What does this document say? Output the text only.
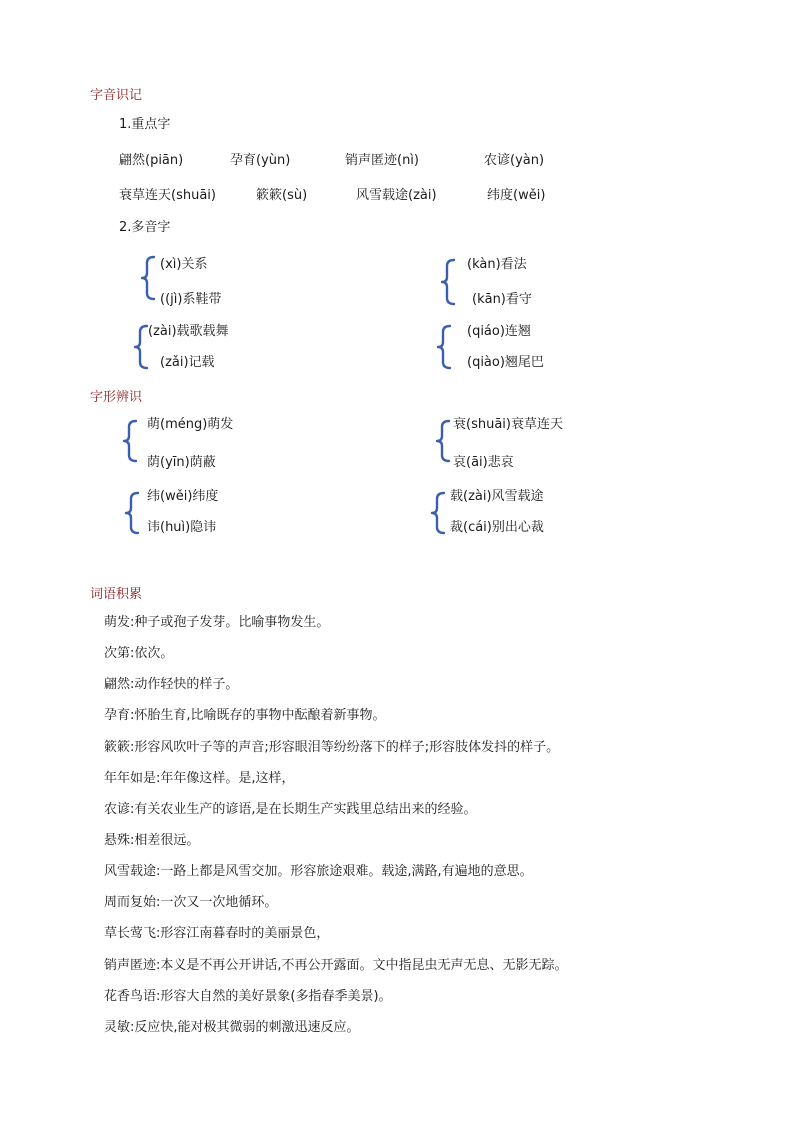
字音识记
1.重点字
翩然(piān)	孕育(yùn)	销声匿迹(nì)	农谚(yàn)
衰草连天(shuāi)	簌簌(sù)	风雪载途(zài)	纬度(wěi)
2.多音字
(xì)关系
((jì)系鞋带
(kàn)看法
(kān)看守
(zài)载歌载舞
(zǎi)记载
(qiáo)连翘
(qiào)翘尾巴
字形辨识
萌(méng)萌发
荫(yīn)荫蔽
衰(shuāi)衰草连天
哀(āi)悲哀
纬(wěi)纬度
讳(huì)隐讳
载(zài)风雪载途
裁(cái)别出心裁
词语积累
萌发:种子或孢子发芽。比喻事物发生。
次第:依次。
翩然:动作轻快的样子。
孕育:怀胎生育,比喻既存的事物中酝酿着新事物。
簌簌:形容风吹叶子等的声音;形容眼泪等纷纷落下的样子;形容肢体发抖的样子。
年年如是:年年像这样。是,这样，
农谚:有关农业生产的谚语,是在长期生产实践里总结出来的经验。
悬殊:相差很远。
风雪载途:一路上都是风雪交加。形容旅途艰难。载途,满路,有遍地的意思。
周而复始:一次又一次地循环。
草长莺飞:形容江南暮春时的美丽景色，
销声匿迹:本义是不再公开讲话,不再公开露面。文中指昆虫无声无息、无影无踪。
花香鸟语:形容大自然的美好景象(多指春季美景)。
灵敏:反应快,能对极其微弱的刺激迅速反应。
